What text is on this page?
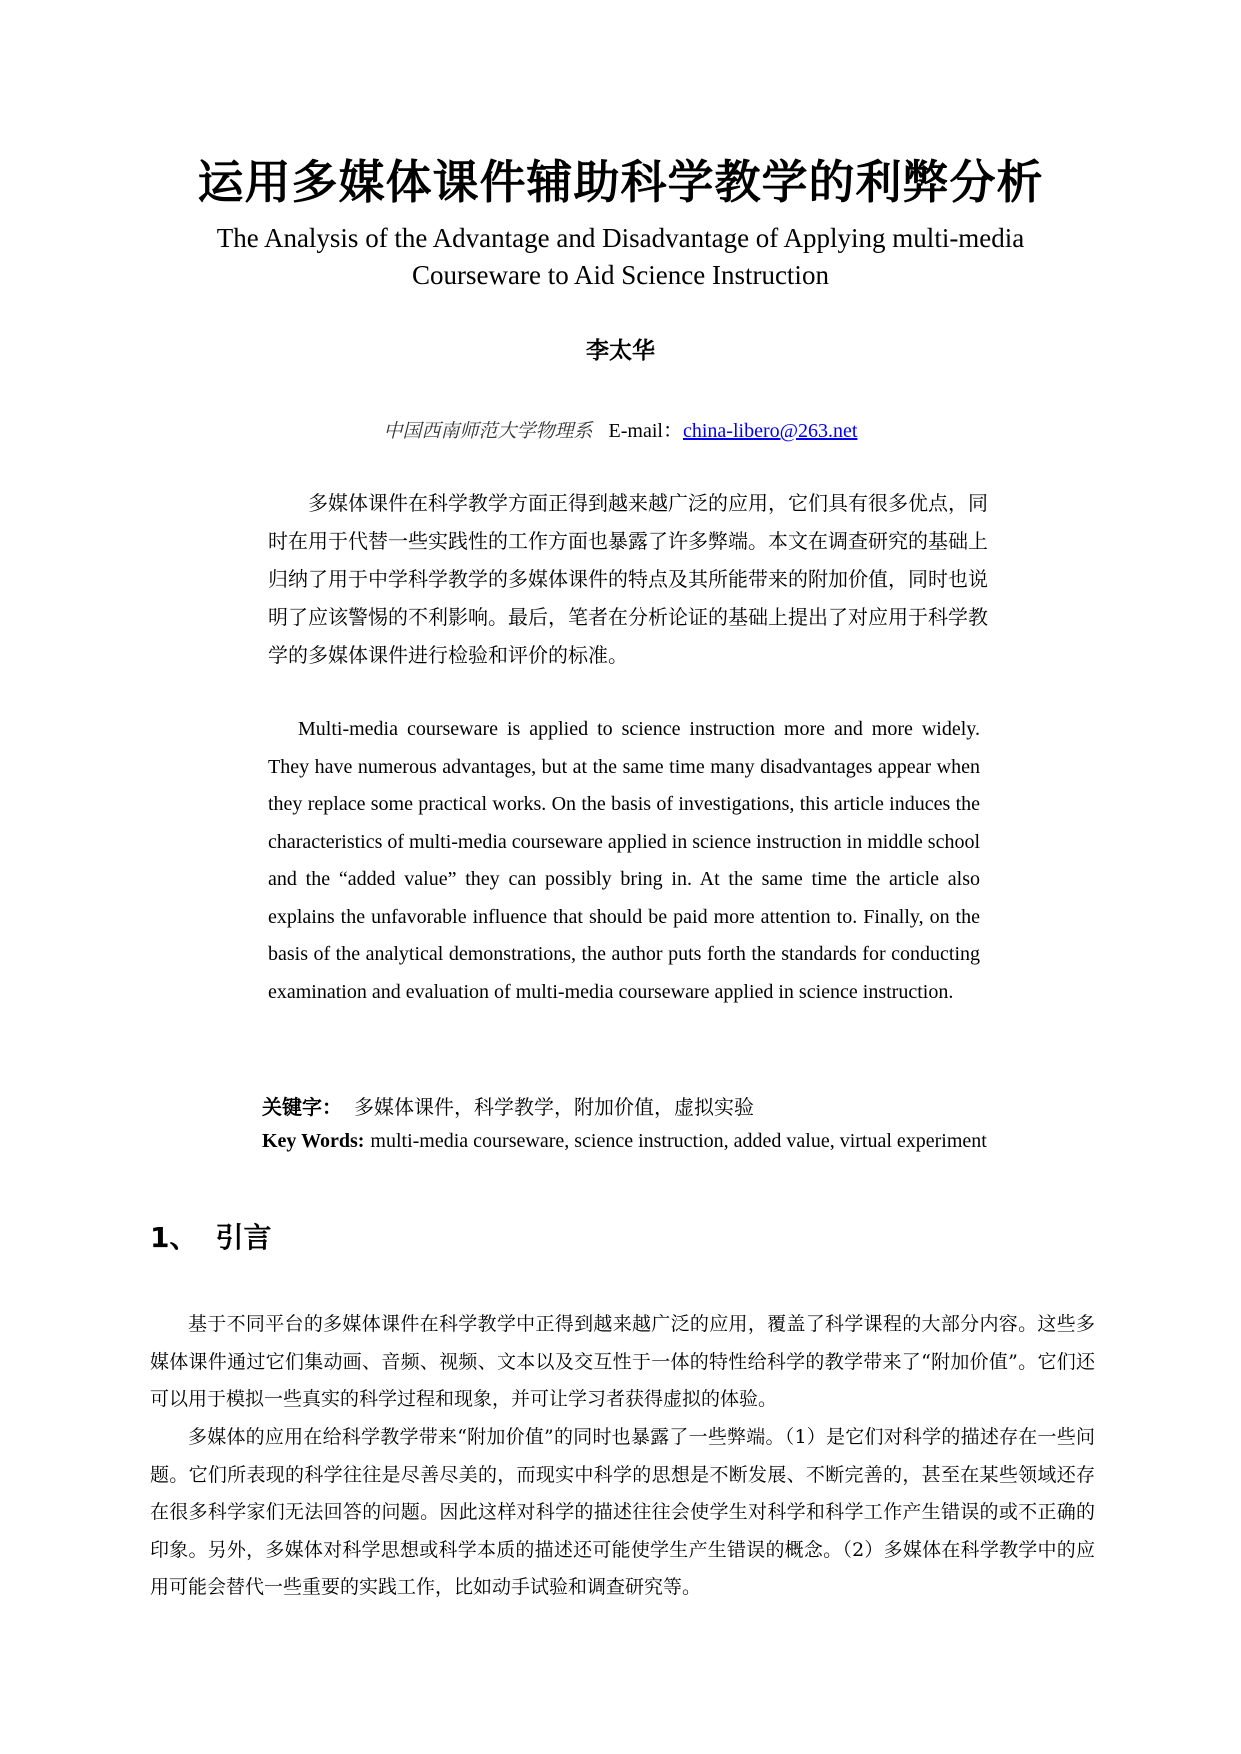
运用多媒体课件辅助科学教学的利弊分析
The Analysis of the Advantage and Disadvantage of Applying multi-media
Courseware to Aid Science Instruction
李太华
中国西南师范大学物理系 E-mail：china-libero@263.net

多媒体课件在科学教学方面正得到越来越广泛的应用，它们具有很多优点，同时在用于代替一些实践性的工作方面也暴露了许多弊端。本文在调查研究的基础上归纳了用于中学科学教学的多媒体课件的特点及其所能带来的附加价值，同时也说明了应该警惕的不利影响。最后，笔者在分析论证的基础上提出了对应用于科学教学的多媒体课件进行检验和评价的标准。

Multi-media courseware is applied to science instruction more and more widely. They have numerous advantages, but at the same time many disadvantages appear when they replace some practical works. On the basis of investigations, this article induces the characteristics of multi-media courseware applied in science instruction in middle school and the “added value” they can possibly bring in. At the same time the article also explains the unfavorable influence that should be paid more attention to. Finally, on the basis of the analytical demonstrations, the author puts forth the standards for conducting examination and evaluation of multi-media courseware applied in science instruction.

关键字： 多媒体课件，科学教学，附加价值，虚拟实验
Key Words: multi-media courseware, science instruction, added value, virtual experiment
1、 引言

基于不同平台的多媒体课件在科学教学中正得到越来越广泛的应用，覆盖了科学课程的大部分内容。这些多媒体课件通过它们集动画、音频、视频、文本以及交互性于一体的特性给科学的教学带来了“附加价值”。它们还可以用于模拟一些真实的科学过程和现象，并可让学习者获得虚拟的体验。

多媒体的应用在给科学教学带来“附加价值”的同时也暴露了一些弊端。（1）是它们对科学的描述存在一些问题。它们所表现的科学往往是尽善尽美的，而现实中科学的思想是不断发展、不断完善的，甚至在某些领域还存在很多科学家们无法回答的问题。因此这样对科学的描述往往会使学生对科学和科学工作产生错误的或不正确的印象。另外，多媒体对科学思想或科学本质的描述还可能使学生产生错误的概念。（2）多媒体在科学教学中的应用可能会替代一些重要的实践工作，比如动手试验和调查研究等。
